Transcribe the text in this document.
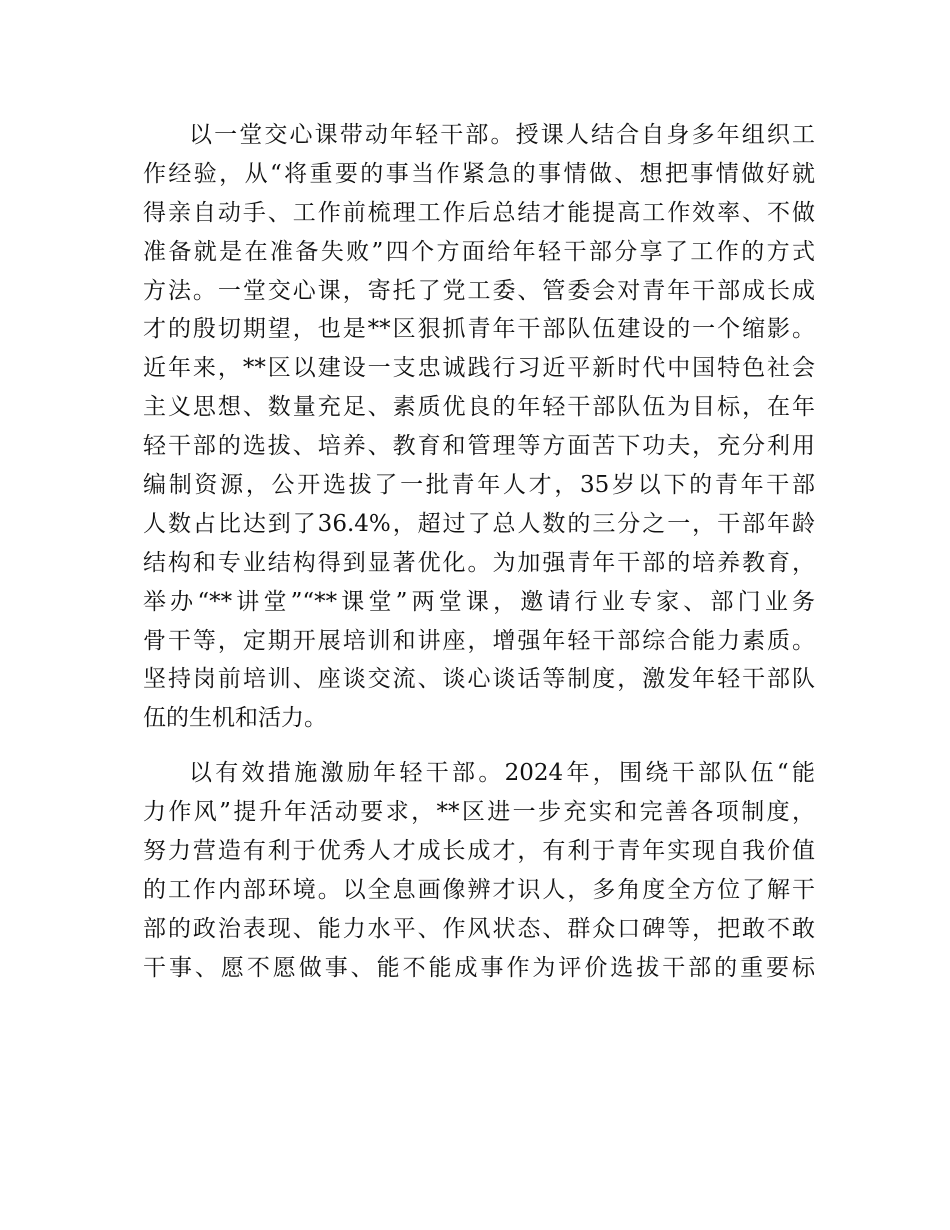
以一堂交心课带动年轻干部。授课人结合自身多年组织工
作经验，从“将重要的事当作紧急的事情做、想把事情做好就
得亲自动手、工作前梳理工作后总结才能提高工作效率、不做
准备就是在准备失败”四个方面给年轻干部分享了工作的方式
方法。一堂交心课，寄托了党工委、管委会对青年干部成长成
才的殷切期望，也是**区狠抓青年干部队伍建设的一个缩影。
近年来，**区以建设一支忠诚践行习近平新时代中国特色社会
主义思想、数量充足、素质优良的年轻干部队伍为目标，在年
轻干部的选拔、培养、教育和管理等方面苦下功夫，充分利用
编制资源，公开选拔了一批青年人才，35岁以下的青年干部
人数占比达到了36.4%，超过了总人数的三分之一，干部年龄
结构和专业结构得到显著优化。为加强青年干部的培养教育，
举办“**讲堂”“**课堂”两堂课，邀请行业专家、部门业务
骨干等，定期开展培训和讲座，增强年轻干部综合能力素质。
坚持岗前培训、座谈交流、谈心谈话等制度，激发年轻干部队
伍的生机和活力。
以有效措施激励年轻干部。2024年，围绕干部队伍“能
力作风”提升年活动要求，**区进一步充实和完善各项制度，
努力营造有利于优秀人才成长成才，有利于青年实现自我价值
的工作内部环境。以全息画像辨才识人，多角度全方位了解干
部的政治表现、能力水平、作风状态、群众口碑等，把敢不敢
干事、愿不愿做事、能不能成事作为评价选拔干部的重要标
